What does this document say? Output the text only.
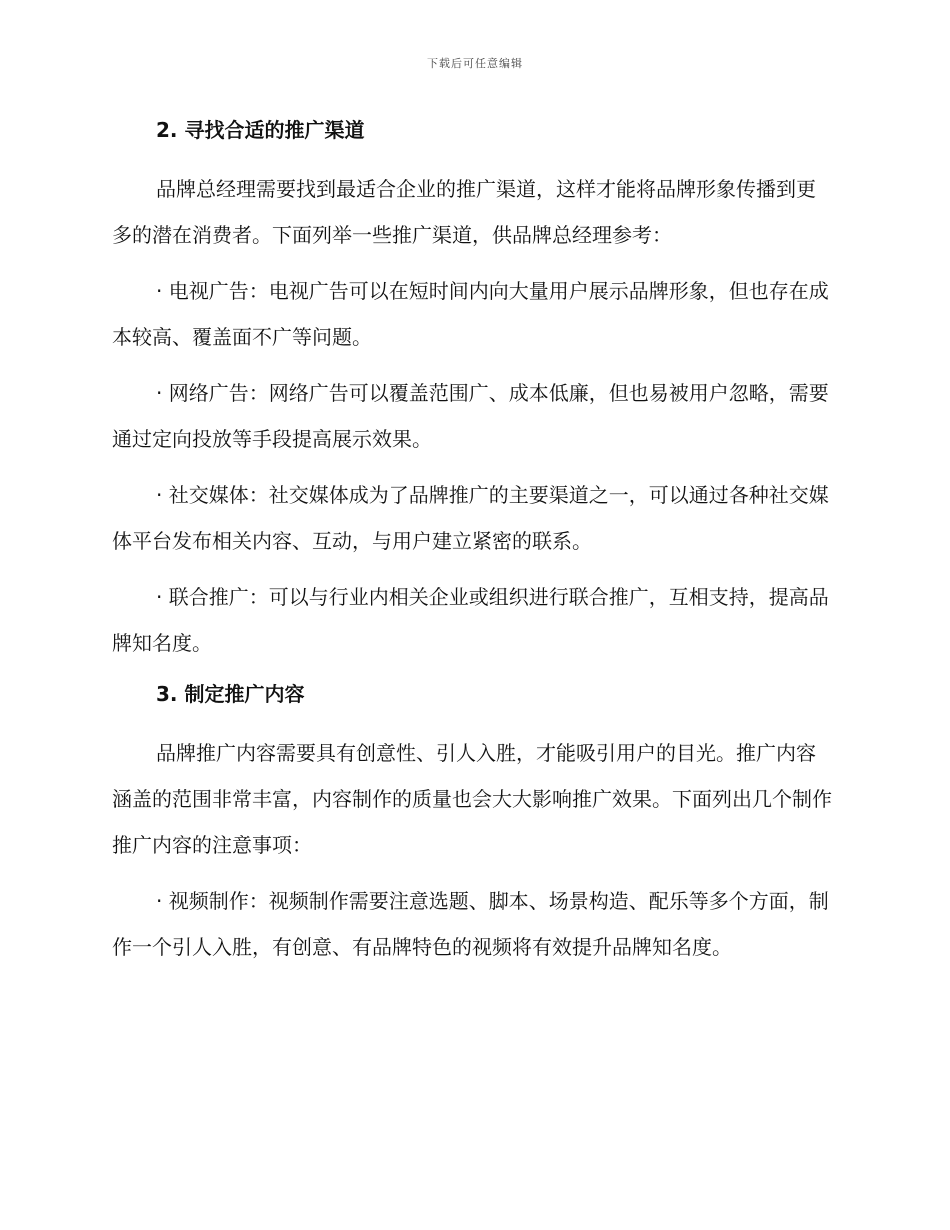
下载后可任意编辑
2. 寻找合适的推广渠道

品牌总经理需要找到最适合企业的推广渠道，这样才能将品牌形象传播到更多的潜在消费者。下面列举一些推广渠道，供品牌总经理参考：

· 电视广告：电视广告可以在短时间内向大量用户展示品牌形象，但也存在成本较高、覆盖面不广等问题。

· 网络广告：网络广告可以覆盖范围广、成本低廉，但也易被用户忽略，需要通过定向投放等手段提高展示效果。

· 社交媒体：社交媒体成为了品牌推广的主要渠道之一，可以通过各种社交媒体平台发布相关内容、互动，与用户建立紧密的联系。

· 联合推广：可以与行业内相关企业或组织进行联合推广，互相支持，提高品牌知名度。

3. 制定推广内容

品牌推广内容需要具有创意性、引人入胜，才能吸引用户的目光。推广内容涵盖的范围非常丰富，内容制作的质量也会大大影响推广效果。下面列出几个制作推广内容的注意事项：

· 视频制作：视频制作需要注意选题、脚本、场景构造、配乐等多个方面，制作一个引人入胜，有创意、有品牌特色的视频将有效提升品牌知名度。
